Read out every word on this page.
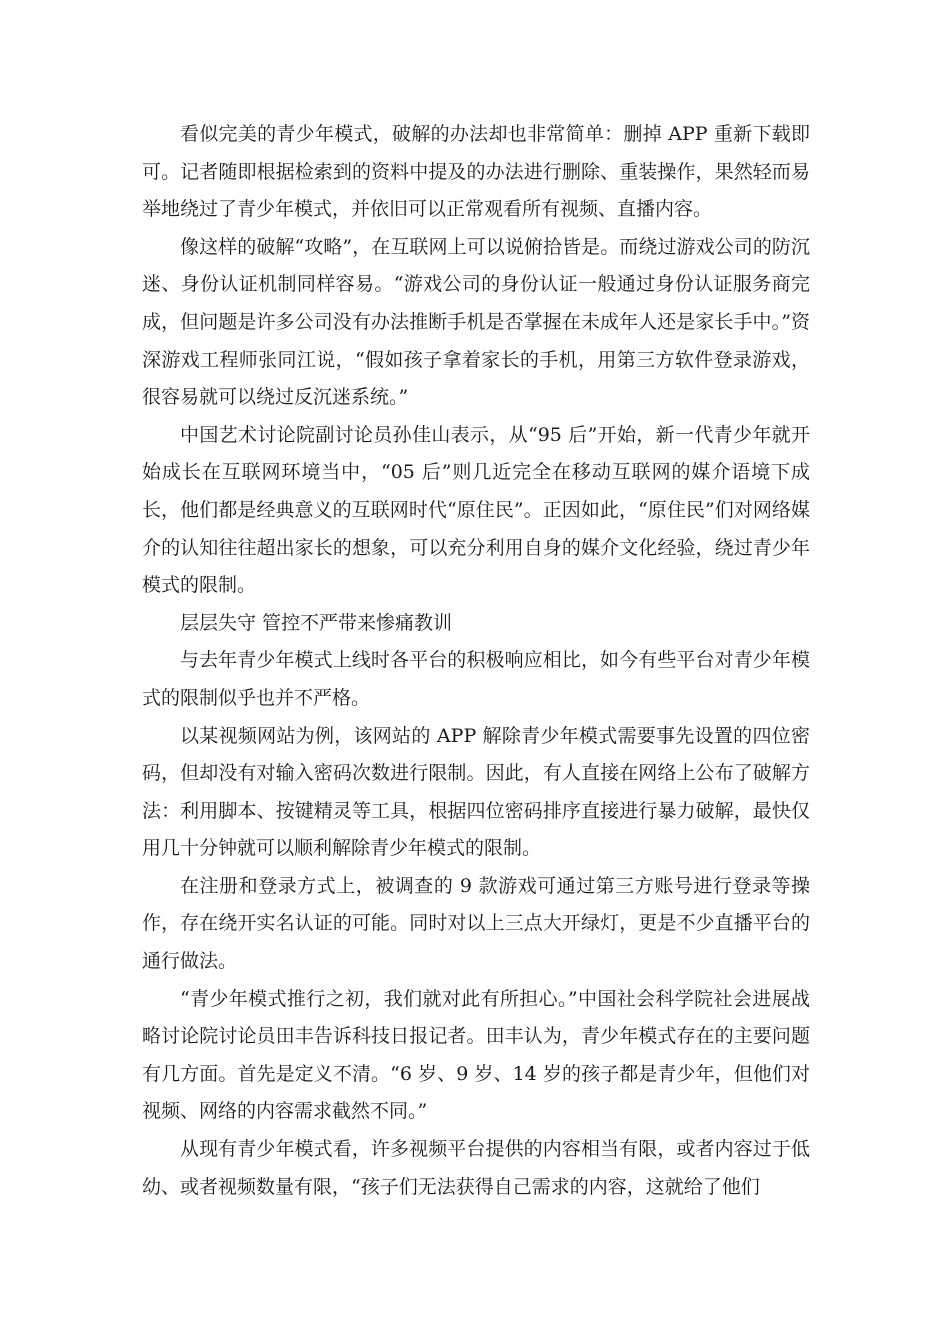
看似完美的青少年模式，破解的办法却也非常简单：删掉 APP 重新下载即可。记者随即根据检索到的资料中提及的办法进行删除、重装操作，果然轻而易举地绕过了青少年模式，并依旧可以正常观看所有视频、直播内容。

像这样的破解“攻略”，在互联网上可以说俯拾皆是。而绕过游戏公司的防沉迷、身份认证机制同样容易。“游戏公司的身份认证一般通过身份认证服务商完成，但问题是许多公司没有办法推断手机是否掌握在未成年人还是家长手中。”资深游戏工程师张同江说，“假如孩子拿着家长的手机，用第三方软件登录游戏，很容易就可以绕过反沉迷系统。”

中国艺术讨论院副讨论员孙佳山表示，从“95 后”开始，新一代青少年就开始成长在互联网环境当中，“05 后”则几近完全在移动互联网的媒介语境下成长，他们都是经典意义的互联网时代“原住民”。正因如此，“原住民”们对网络媒介的认知往往超出家长的想象，可以充分利用自身的媒介文化经验，绕过青少年模式的限制。

层层失守 管控不严带来惨痛教训

与去年青少年模式上线时各平台的积极响应相比，如今有些平台对青少年模式的限制似乎也并不严格。

以某视频网站为例，该网站的 APP 解除青少年模式需要事先设置的四位密码，但却没有对输入密码次数进行限制。因此，有人直接在网络上公布了破解方法：利用脚本、按键精灵等工具，根据四位密码排序直接进行暴力破解，最快仅用几十分钟就可以顺利解除青少年模式的限制。

在注册和登录方式上，被调查的 9 款游戏可通过第三方账号进行登录等操作，存在绕开实名认证的可能。同时对以上三点大开绿灯，更是不少直播平台的通行做法。

“青少年模式推行之初，我们就对此有所担心。”中国社会科学院社会进展战略讨论院讨论员田丰告诉科技日报记者。田丰认为，青少年模式存在的主要问题有几方面。首先是定义不清。“6 岁、9 岁、14 岁的孩子都是青少年，但他们对视频、网络的内容需求截然不同。”

从现有青少年模式看，许多视频平台提供的内容相当有限，或者内容过于低幼、或者视频数量有限，“孩子们无法获得自己需求的内容，这就给了他们
